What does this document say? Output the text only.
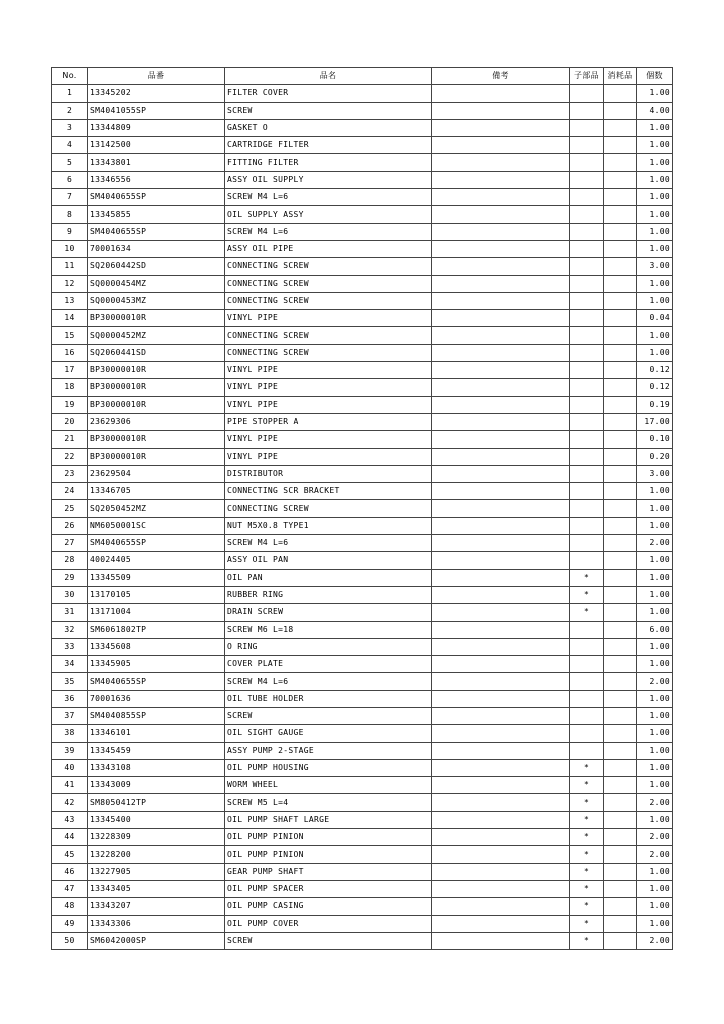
No.	品番	品名	備考	子部品	消耗品	個数
1	13345202	FILTER COVER				1.00
2	SM4041055SP	SCREW				4.00
3	13344809	GASKET O				1.00
4	13142500	CARTRIDGE FILTER				1.00
5	13343801	FITTING FILTER				1.00
6	13346556	ASSY OIL SUPPLY				1.00
7	SM4040655SP	SCREW M4 L=6				1.00
8	13345855	OIL SUPPLY ASSY				1.00
9	SM4040655SP	SCREW M4 L=6				1.00
10	70001634	ASSY OIL PIPE				1.00
11	SQ2060442SD	CONNECTING SCREW				3.00
12	SQ0000454MZ	CONNECTING SCREW				1.00
13	SQ0000453MZ	CONNECTING SCREW				1.00
14	BP30000010R	VINYL PIPE				0.04
15	SQ0000452MZ	CONNECTING SCREW				1.00
16	SQ2060441SD	CONNECTING SCREW				1.00
17	BP30000010R	VINYL PIPE				0.12
18	BP30000010R	VINYL PIPE				0.12
19	BP30000010R	VINYL PIPE				0.19
20	23629306	PIPE STOPPER A				17.00
21	BP30000010R	VINYL PIPE				0.10
22	BP30000010R	VINYL PIPE				0.20
23	23629504	DISTRIBUTOR				3.00
24	13346705	CONNECTING SCR BRACKET				1.00
25	SQ2050452MZ	CONNECTING SCREW				1.00
26	NM6050001SC	NUT M5X0.8 TYPE1				1.00
27	SM4040655SP	SCREW M4 L=6				2.00
28	40024405	ASSY OIL PAN				1.00
29	13345509	OIL PAN		*		1.00
30	13170105	RUBBER RING		*		1.00
31	13171004	DRAIN SCREW		*		1.00
32	SM6061802TP	SCREW M6 L=18				6.00
33	13345608	O RING				1.00
34	13345905	COVER PLATE				1.00
35	SM4040655SP	SCREW M4 L=6				2.00
36	70001636	OIL TUBE HOLDER				1.00
37	SM4040855SP	SCREW				1.00
38	13346101	OIL SIGHT GAUGE				1.00
39	13345459	ASSY PUMP 2-STAGE				1.00
40	13343108	OIL PUMP HOUSING		*		1.00
41	13343009	WORM WHEEL		*		1.00
42	SM8050412TP	SCREW M5 L=4		*		2.00
43	13345400	OIL PUMP SHAFT LARGE		*		1.00
44	13228309	OIL PUMP PINION		*		2.00
45	13228200	OIL PUMP PINION		*		2.00
46	13227905	GEAR PUMP SHAFT		*		1.00
47	13343405	OIL PUMP SPACER		*		1.00
48	13343207	OIL PUMP CASING		*		1.00
49	13343306	OIL PUMP COVER		*		1.00
50	SM6042000SP	SCREW		*		2.00
